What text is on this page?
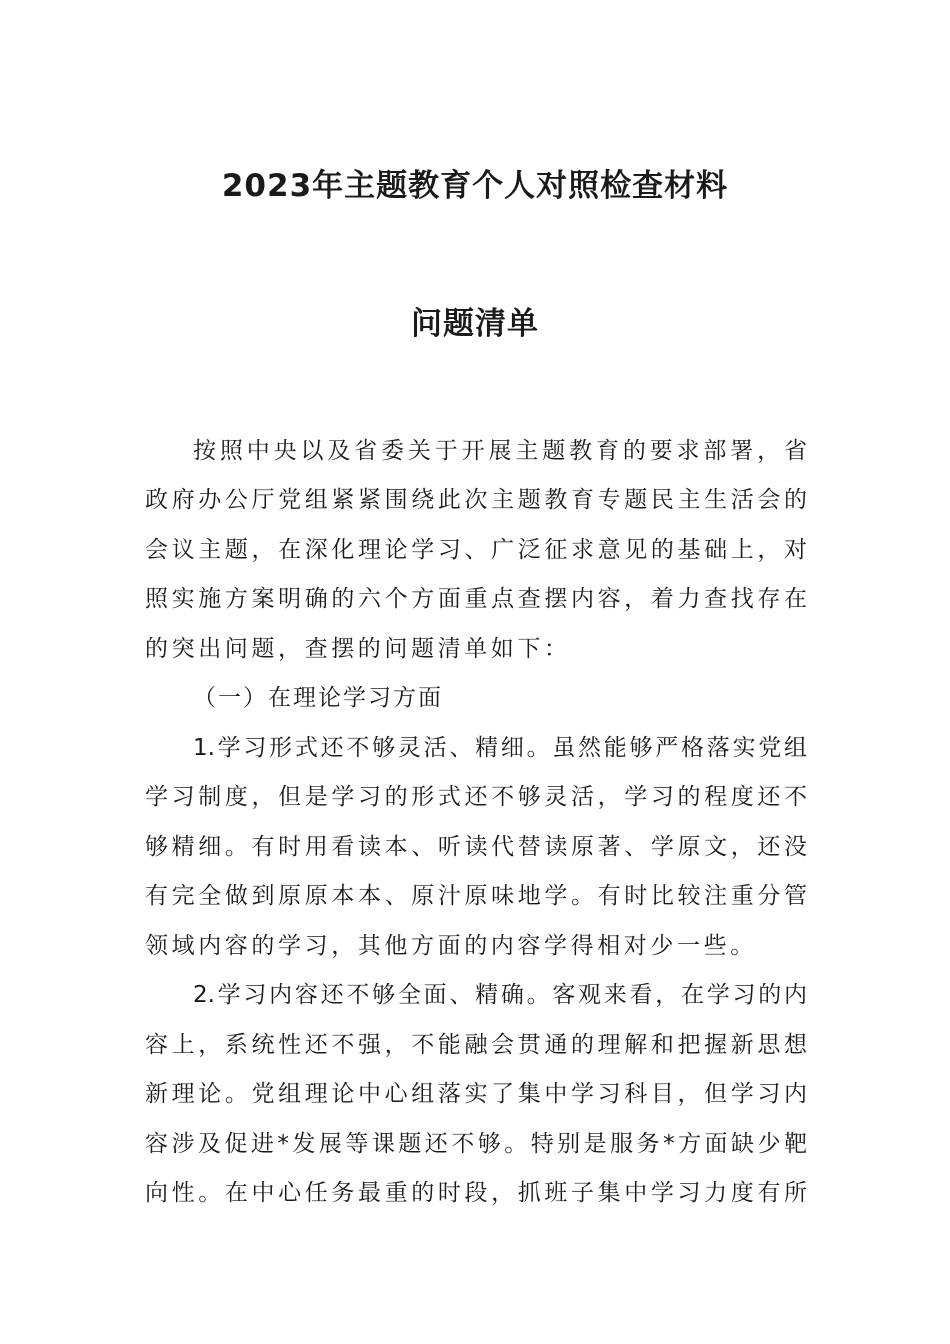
2023年主题教育个人对照检查材料
问题清单
按照中央以及省委关于开展主题教育的要求部署，省
政府办公厅党组紧紧围绕此次主题教育专题民主生活会的
会议主题，在深化理论学习、广泛征求意见的基础上，对
照实施方案明确的六个方面重点查摆内容，着力查找存在
的突出问题，查摆的问题清单如下：
（一）在理论学习方面
1.学习形式还不够灵活、精细。虽然能够严格落实党组
学习制度，但是学习的形式还不够灵活，学习的程度还不
够精细。有时用看读本、听读代替读原著、学原文，还没
有完全做到原原本本、原汁原味地学。有时比较注重分管
领域内容的学习，其他方面的内容学得相对少一些。
2.学习内容还不够全面、精确。客观来看，在学习的内
容上，系统性还不强，不能融会贯通的理解和把握新思想
新理论。党组理论中心组落实了集中学习科目，但学习内
容涉及促进*发展等课题还不够。特别是服务*方面缺少靶
向性。在中心任务最重的时段，抓班子集中学习力度有所
